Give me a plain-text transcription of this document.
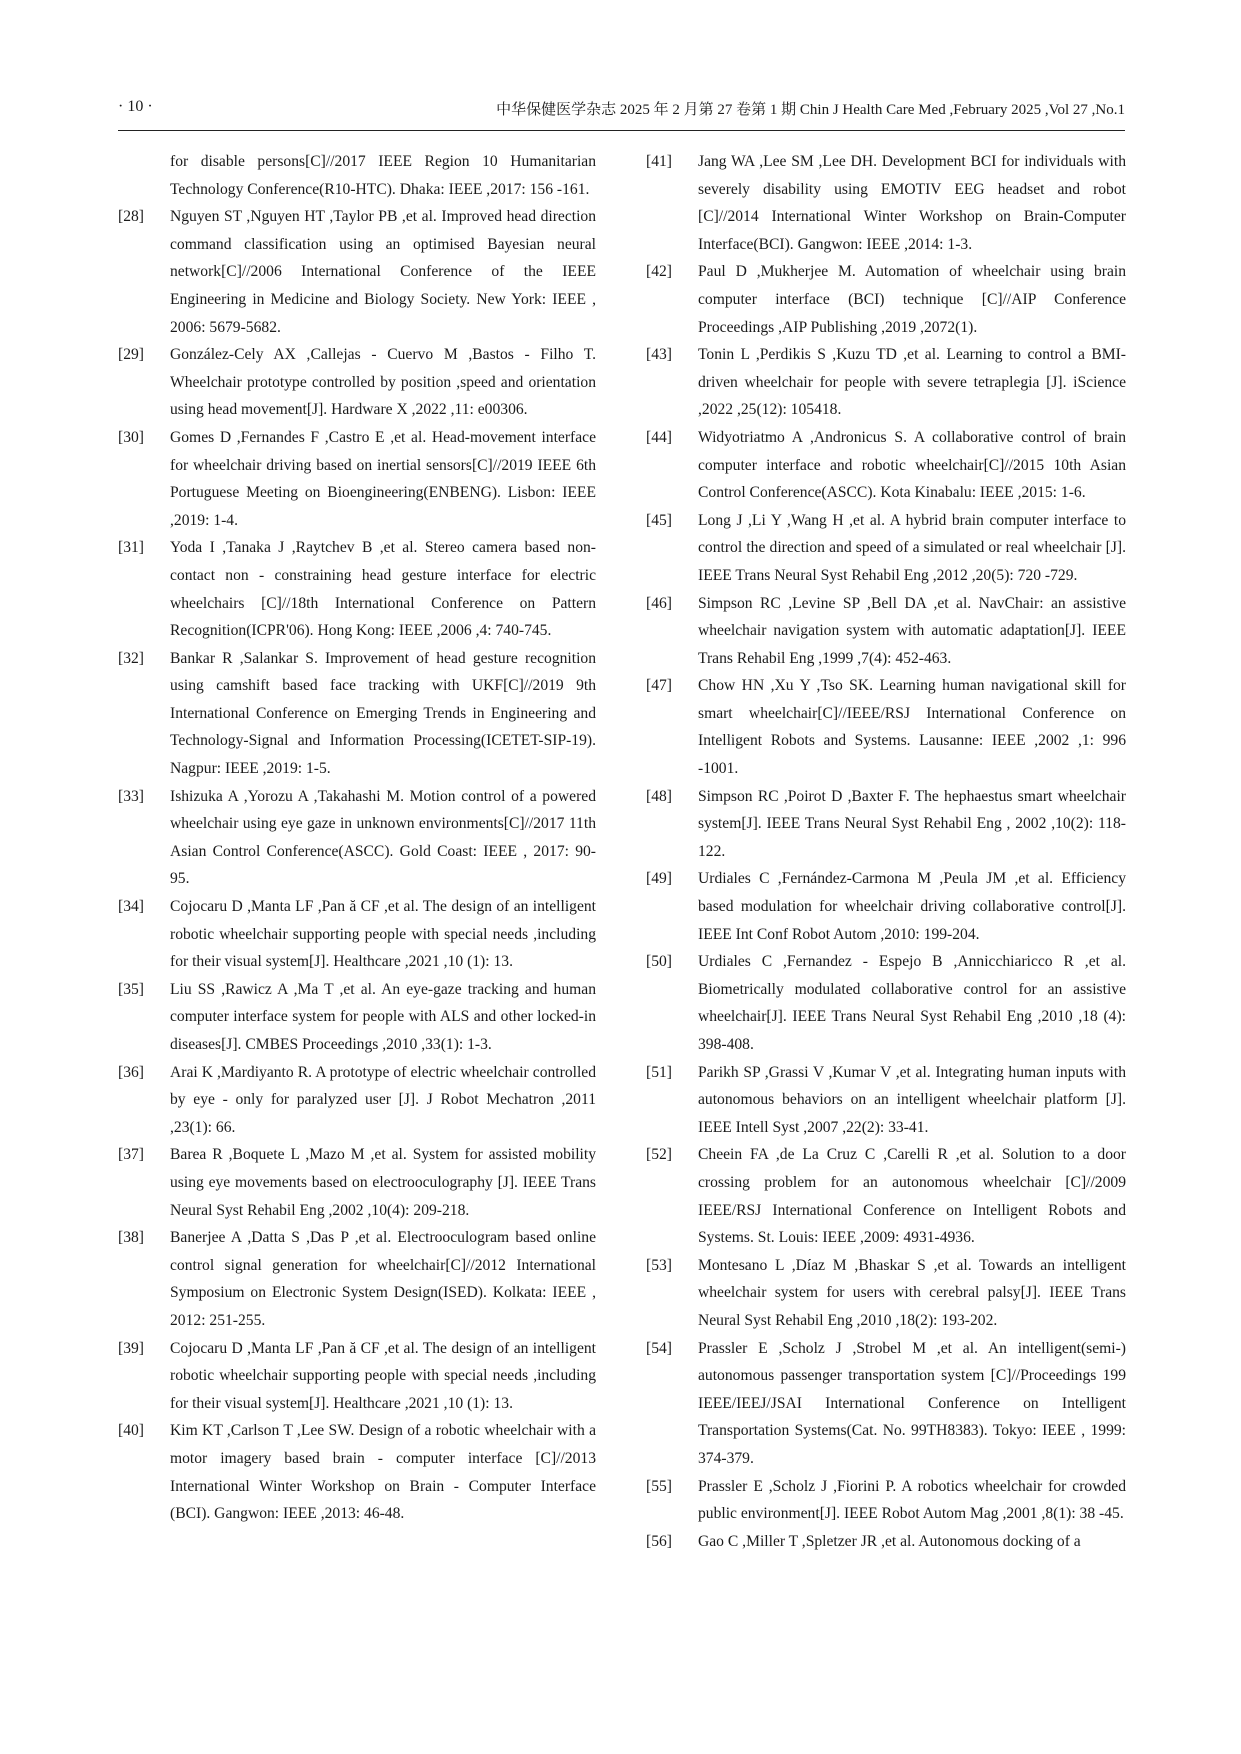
· 10 ·	中华保健医学杂志 2025 年 2 月第 27 卷第 1 期 Chin J Health Care Med ,February 2025 ,Vol 27 ,No.1
for disable persons[C]//2017 IEEE Region 10 Humanitarian Technology Conference(R10-HTC). Dhaka: IEEE ,2017: 156 -161.
[28] Nguyen ST ,Nguyen HT ,Taylor PB ,et al. Improved head direction command classification using an optimised Bayesian neural network[C]//2006 International Conference of the IEEE Engineering in Medicine and Biology Society. New York: IEEE , 2006: 5679-5682.
[29] González-Cely AX ,Callejas - Cuervo M ,Bastos - Filho T. Wheelchair prototype controlled by position ,speed and orientation using head movement[J]. Hardware X ,2022 ,11: e00306.
[30] Gomes D ,Fernandes F ,Castro E ,et al. Head-movement interface for wheelchair driving based on inertial sensors[C]//2019 IEEE 6th Portuguese Meeting on Bioengineering(ENBENG). Lisbon: IEEE ,2019: 1-4.
[31] Yoda I ,Tanaka J ,Raytchev B ,et al. Stereo camera based non-contact non - constraining head gesture interface for electric wheelchairs [C]//18th International Conference on Pattern Recognition(ICPR'06). Hong Kong: IEEE ,2006 ,4: 740-745.
[32] Bankar R ,Salankar S. Improvement of head gesture recognition using camshift based face tracking with UKF[C]//2019 9th International Conference on Emerging Trends in Engineering and Technology-Signal and Information Processing(ICETET-SIP-19). Nagpur: IEEE ,2019: 1-5.
[33] Ishizuka A ,Yorozu A ,Takahashi M. Motion control of a powered wheelchair using eye gaze in unknown environments[C]//2017 11th Asian Control Conference(ASCC). Gold Coast: IEEE , 2017: 90-95.
[34] Cojocaru D ,Manta LF ,Pan ă CF ,et al. The design of an intelligent robotic wheelchair supporting people with special needs ,including for their visual system[J]. Healthcare ,2021 ,10 (1): 13.
[35] Liu SS ,Rawicz A ,Ma T ,et al. An eye-gaze tracking and human computer interface system for people with ALS and other locked-in diseases[J]. CMBES Proceedings ,2010 ,33(1): 1-3.
[36] Arai K ,Mardiyanto R. A prototype of electric wheelchair controlled by eye - only for paralyzed user [J]. J Robot Mechatron ,2011 ,23(1): 66.
[37] Barea R ,Boquete L ,Mazo M ,et al. System for assisted mobility using eye movements based on electrooculography [J]. IEEE Trans Neural Syst Rehabil Eng ,2002 ,10(4): 209-218.
[38] Banerjee A ,Datta S ,Das P ,et al. Electrooculogram based online control signal generation for wheelchair[C]//2012 International Symposium on Electronic System Design(ISED). Kolkata: IEEE , 2012: 251-255.
[39] Cojocaru D ,Manta LF ,Pan ă CF ,et al. The design of an intelligent robotic wheelchair supporting people with special needs ,including for their visual system[J]. Healthcare ,2021 ,10 (1): 13.
[40] Kim KT ,Carlson T ,Lee SW. Design of a robotic wheelchair with a motor imagery based brain - computer interface [C]//2013 International Winter Workshop on Brain - Computer Interface (BCI). Gangwon: IEEE ,2013: 46-48.
[41] Jang WA ,Lee SM ,Lee DH. Development BCI for individuals with severely disability using EMOTIV EEG headset and robot [C]//2014 International Winter Workshop on Brain-Computer Interface(BCI). Gangwon: IEEE ,2014: 1-3.
[42] Paul D ,Mukherjee M. Automation of wheelchair using brain computer interface (BCI) technique [C]//AIP Conference Proceedings ,AIP Publishing ,2019 ,2072(1).
[43] Tonin L ,Perdikis S ,Kuzu TD ,et al. Learning to control a BMI-driven wheelchair for people with severe tetraplegia [J]. iScience ,2022 ,25(12): 105418.
[44] Widyotriatmo A ,Andronicus S. A collaborative control of brain computer interface and robotic wheelchair[C]//2015 10th Asian Control Conference(ASCC). Kota Kinabalu: IEEE ,2015: 1-6.
[45] Long J ,Li Y ,Wang H ,et al. A hybrid brain computer interface to control the direction and speed of a simulated or real wheelchair [J]. IEEE Trans Neural Syst Rehabil Eng ,2012 ,20(5): 720 -729.
[46] Simpson RC ,Levine SP ,Bell DA ,et al. NavChair: an assistive wheelchair navigation system with automatic adaptation[J]. IEEE Trans Rehabil Eng ,1999 ,7(4): 452-463.
[47] Chow HN ,Xu Y ,Tso SK. Learning human navigational skill for smart wheelchair[C]//IEEE/RSJ International Conference on Intelligent Robots and Systems. Lausanne: IEEE ,2002 ,1: 996 -1001.
[48] Simpson RC ,Poirot D ,Baxter F. The hephaestus smart wheelchair system[J]. IEEE Trans Neural Syst Rehabil Eng , 2002 ,10(2): 118-122.
[49] Urdiales C ,Fernández-Carmona M ,Peula JM ,et al. Efficiency based modulation for wheelchair driving collaborative control[J]. IEEE Int Conf Robot Autom ,2010: 199-204.
[50] Urdiales C ,Fernandez - Espejo B ,Annicchiaricco R ,et al. Biometrically modulated collaborative control for an assistive wheelchair[J]. IEEE Trans Neural Syst Rehabil Eng ,2010 ,18 (4): 398-408.
[51] Parikh SP ,Grassi V ,Kumar V ,et al. Integrating human inputs with autonomous behaviors on an intelligent wheelchair platform [J]. IEEE Intell Syst ,2007 ,22(2): 33-41.
[52] Cheein FA ,de La Cruz C ,Carelli R ,et al. Solution to a door crossing problem for an autonomous wheelchair [C]//2009 IEEE/RSJ International Conference on Intelligent Robots and Systems. St. Louis: IEEE ,2009: 4931-4936.
[53] Montesano L ,Díaz M ,Bhaskar S ,et al. Towards an intelligent wheelchair system for users with cerebral palsy[J]. IEEE Trans Neural Syst Rehabil Eng ,2010 ,18(2): 193-202.
[54] Prassler E ,Scholz J ,Strobel M ,et al. An intelligent(semi-) autonomous passenger transportation system [C]//Proceedings 199 IEEE/IEEJ/JSAI International Conference on Intelligent Transportation Systems(Cat. No. 99TH8383). Tokyo: IEEE , 1999: 374-379.
[55] Prassler E ,Scholz J ,Fiorini P. A robotics wheelchair for crowded public environment[J]. IEEE Robot Autom Mag ,2001 ,8(1): 38 -45.
[56] Gao C ,Miller T ,Spletzer JR ,et al. Autonomous docking of a
